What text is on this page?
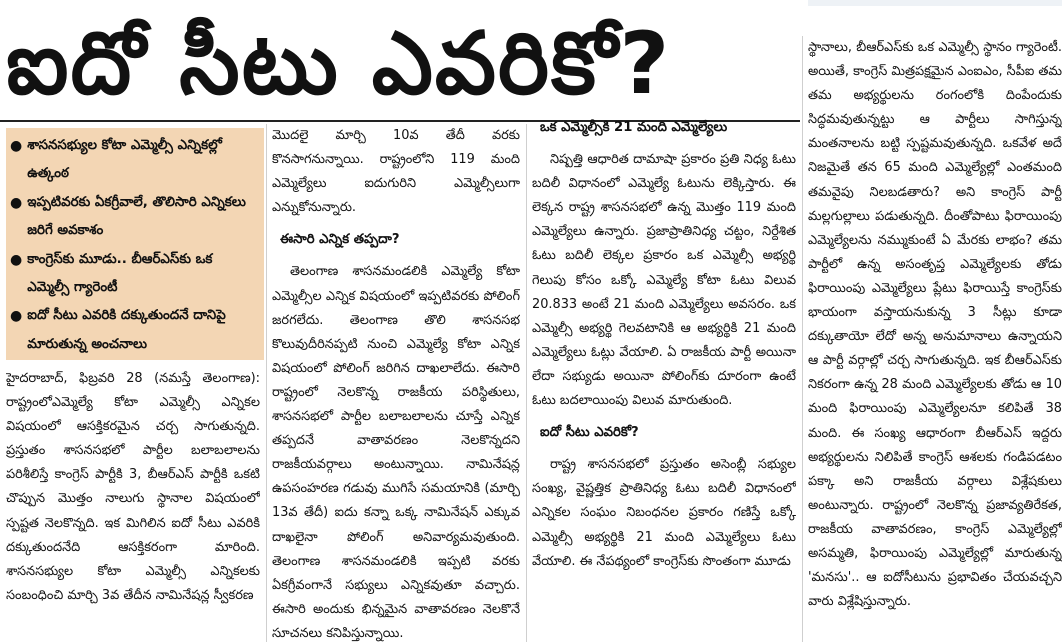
ఐదో సీటు ఎవరికో?
● శాసనసభ్యుల కోటా ఎమ్మెల్సీ ఎన్నికల్లో ఉత్కంఠ
● ఇప్పటివరకు ఏకగ్రీవాలే, తొలిసారి ఎన్నికలు జరిగే అవకాశం
● కాంగ్రెస్‌కు మూడు.. బీఆర్ఎస్‌కు ఒక ఎమ్మెల్సీ గ్యారెంటీ
● ఐదో సీటు ఎవరికి దక్కుతుందనే దానిపై మారుతున్న అంచనాలు

హైదరాబాద్, ఫిబ్రవరి 28 (నమస్తే తెలంగాణ): రాష్ట్రంలోఎమ్మెల్యే కోటా ఎమ్మెల్సీ ఎన్నికల విషయంలో ఆసక్తికరమైన చర్చ సాగుతున్నది. ప్రస్తుతం శాసనసభలో పార్టీల బలాబలాలను పరిశీలిస్తే కాంగ్రెస్ పార్టీకి 3, బీఆర్ఎస్ పార్టీకి ఒకటి చొప్పున మొత్తం నాలుగు స్థానాల విషయంలో స్పష్టత నెలకొన్నది. ఇక మిగిలిన ఐదో సీటు ఎవరికి దక్కుతుందనేది ఆసక్తికరంగా మారింది. శాసనసభ్యుల కోటా ఎమ్మెల్సీ ఎన్నికలకు సంబంధించి మార్చి 3వ తేదీన నామినేషన్ల స్వీకరణ

మొదలై మార్చి 10వ తేదీ వరకు కొనసాగనున్నాయి. రాష్ట్రంలోని 119 మంది ఎమ్మెల్యేలు ఐదుగురిని ఎమ్మెల్సీలుగా ఎన్నుకోనున్నారు.

ఈసారి ఎన్నిక తప్పదా?

తెలంగాణ శాసనమండలికి ఎమ్మెల్యే కోటా ఎమ్మెల్సీల ఎన్నిక విషయంలో ఇప్పటివరకు పోలింగ్ జరగలేదు. తెలంగాణ తొలి శాసనసభ కొలువుదీరినప్పటి నుంచి ఎమ్మెల్యే కోటా ఎన్నిక విషయంలో పోలింగ్ జరిగిన దాఖలాలేదు. ఈసారి రాష్ట్రంలో నెలకొన్న రాజకీయ పరిస్థితులు, శాసనసభలో పార్టీల బలాబలాలను చూస్తే ఎన్నిక తప్పదనే వాతావరణం నెలకొన్నదని రాజకీయవర్గాలు అంటున్నాయి. నామినేషన్ల ఉపసంహరణ గడువు ముగిసే సమయానికి (మార్చి 13వ తేదీ) ఐదు కన్నా ఒక్క నామినేషన్ ఎక్కువ దాఖలైనా పోలింగ్ అనివార్యమవుతుంది. తెలంగాణ శాసనమండలికి ఇప్పటి వరకు ఏకగ్రీవంగానే సభ్యులు ఎన్నికవుతూ వచ్చారు. ఈసారి అందుకు భిన్నమైన వాతావరణం నెలకొనే సూచనలు కనిపిస్తున్నాయి.

ఒక ఎమ్మెల్సీకి 21 మంది ఎమ్మెల్యేలు

నిష్పత్తి ఆధారిత దామాషా ప్రకారం ప్రతి నిధ్య ఓటు బదిలీ విధానంలో ఎమ్మెల్యే ఓటును లెక్కిస్తారు. ఈ లెక్కన రాష్ట్ర శాసనసభలో ఉన్న మొత్తం 119 మంది ఎమ్మెల్యేలు ఉన్నారు. ప్రజాప్రాతినిధ్య చట్టం, నిర్దేశిత ఓటు బదిలీ లెక్కల ప్రకారం ఒక ఎమ్మెల్సీ అభ్యర్థి గెలుపు కోసం ఒక్కో ఎమ్మెల్యే కోటా ఓటు విలువ 20.833 అంటే 21 మంది ఎమ్మెల్యేలు అవసరం. ఒక ఎమ్మెల్సీ అభ్యర్థి గెలవటానికి ఆ అభ్యర్థికి 21 మంది ఎమ్మెల్యేలు ఓట్లు వేయాలి. ఏ రాజకీయ పార్టీ అయినా లేదా సభ్యుడు అయినా పోలింగ్‌కు దూరంగా ఉంటే ఓటు బదలాయింపు విలువ మారుతుంది.

ఐదో సీటు ఎవరికో?

రాష్ట్ర శాసనసభలో ప్రస్తుతం అసెంబ్లీ సభ్యుల సంఖ్య, వైష్ణత్తిక ప్రాతినిధ్య ఓటు బదిలీ విధానంలో ఎన్నికల సంఘం నిబంధనల ప్రకారం గణిస్తే ఒక్కో ఎమ్మెల్సీ అభ్యర్థికి 21 మంది ఎమ్మెల్యేలు ఓటు వేయాలి. ఈ నేపథ్యంలో కాంగ్రెస్‌కు సొంతంగా మూడు

స్థానాలు, బీఆర్ఎస్‌కు ఒక ఎమ్మెల్సీ స్థానం గ్యారెంటీ. అయితే, కాంగ్రెస్ మిత్రపక్షమైన ఎంఐఎం, సీపీఐ తమ తమ అభ్యర్థులను రంగంలోకి దింపేందుకు సిద్ధమవుతున్నట్టు ఆ పార్టీలు సాగిస్తున్న మంతనాలను బట్టి స్పష్టమవుతున్నది. ఒకవేళ అదే నిజమైతే తన 65 మంది ఎమ్మెల్యేల్లో ఎంతమంది తమవైపు నిలబడతారు? అని కాంగ్రెస్ పార్టీ మల్లగుల్లాలు పడుతున్నది. దీంతోపాటు ఫిరాయింపు ఎమ్మెల్యేలను నమ్ముకుంటే ఏ మేరకు లాభం? తమ పార్టీలో ఉన్న అసంతృప్త ఎమ్మెల్యేలకు తోడు ఫిరాయింపు ఎమ్మెల్యేలు ప్లేటు ఫిరాయిస్తే కాంగ్రెస్‌కు భాయంగా వస్తాయనుకున్న 3 సీట్లు కూడా దక్కుతాయో లేదో అన్న అనుమానాలు ఉన్నాయని ఆ పార్టీ వర్గాల్లో చర్చ సాగుతున్నది. ఇక బీఆర్ఎస్‌కు నికరంగా ఉన్న 28 మంది ఎమ్మెల్యేలకు తోడు ఆ 10 మంది ఫిరాయింపు ఎమ్మెల్యేలనూ కలిపితే 38 మంది. ఈ సంఖ్య ఆధారంగా బీఆర్ఎస్ ఇద్దరు అభ్యర్థులను నిలిపితే కాంగ్రెస్ ఆశలకు గండిపడటం పక్కా అని రాజకీయ వర్గాలు విశ్లేషకులు అంటున్నారు. రాష్ట్రంలో నెలకొన్న ప్రజావ్యతిరేకత, రాజకీయ వాతావరణం, కాంగ్రెస్ ఎమ్మెల్యేల్లో అసమ్మతి, ఫిరాయింపు ఎమ్మెల్యేల్లో మారుతున్న 'మనసు'.. ఆ ఐదోసీటును ప్రభావితం చేయవచ్చని వారు విశ్లేషిస్తున్నారు.
